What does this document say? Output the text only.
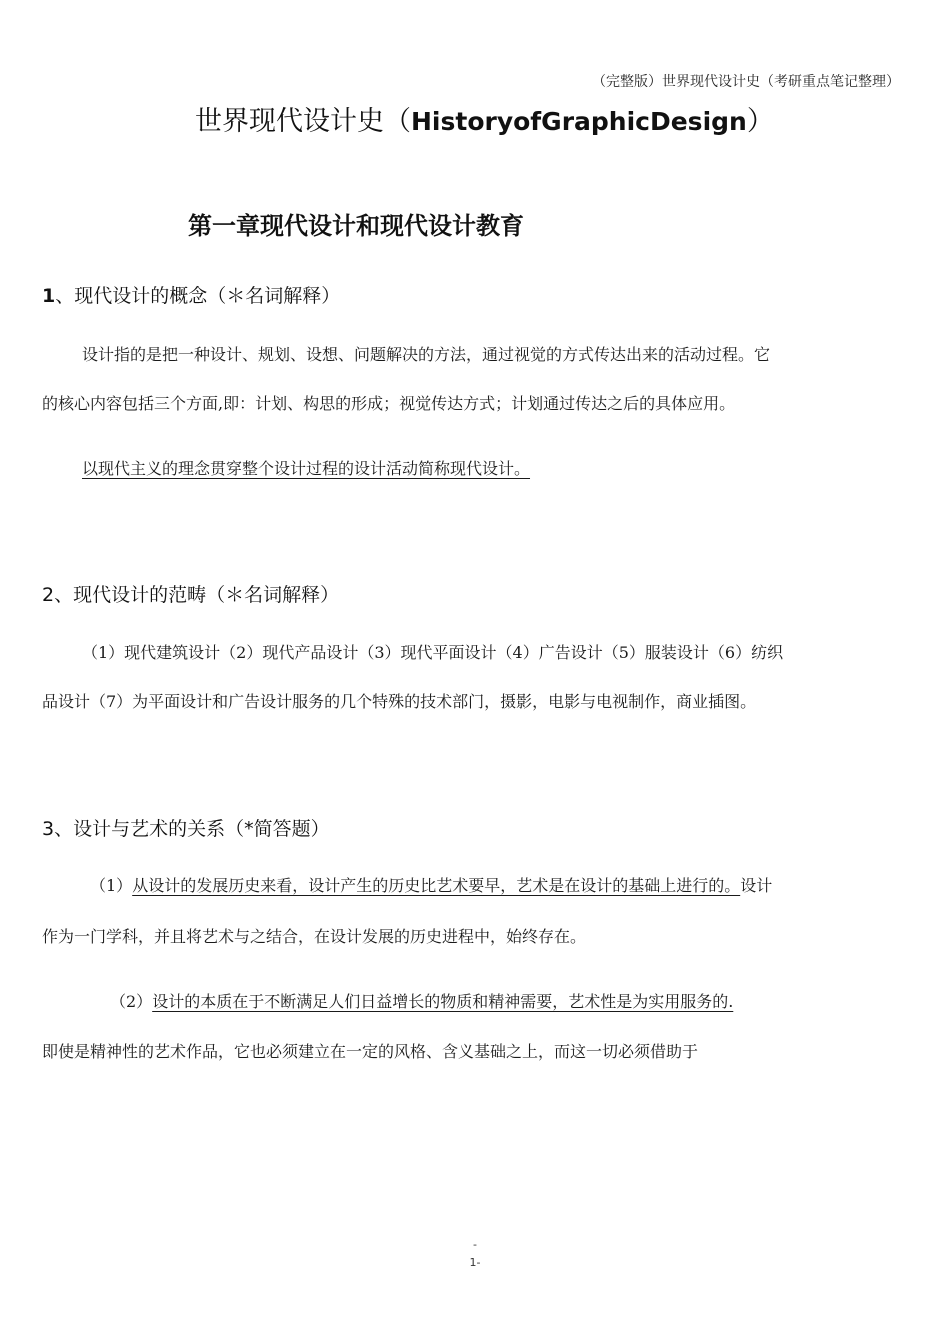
（完整版）世界现代设计史（考研重点笔记整理）
世界现代设计史（HistoryofGraphicDesign）
第一章现代设计和现代设计教育
1、现代设计的概念（＊名词解释）
设计指的是把一种设计、规划、设想、问题解决的方法，通过视觉的方式传达出来的活动过程。它
的核心内容包括三个方面,即：计划、构思的形成；视觉传达方式；计划通过传达之后的具体应用。
以现代主义的理念贯穿整个设计过程的设计活动简称现代设计。
2、现代设计的范畴（＊名词解释）
（1）现代建筑设计（2）现代产品设计（3）现代平面设计（4）广告设计（5）服装设计（6）纺织
品设计（7）为平面设计和广告设计服务的几个特殊的技术部门，摄影，电影与电视制作，商业插图。
3、设计与艺术的关系（*简答题）
（1）从设计的发展历史来看，设计产生的历史比艺术要早，艺术是在设计的基础上进行的。设计
作为一门学科，并且将艺术与之结合，在设计发展的历史进程中，始终存在。
（2）设计的本质在于不断满足人们日益增长的物质和精神需要，艺术性是为实用服务的.
即使是精神性的艺术作品，它也必须建立在一定的风格、含义基础之上，而这一切必须借助于
-
1-
